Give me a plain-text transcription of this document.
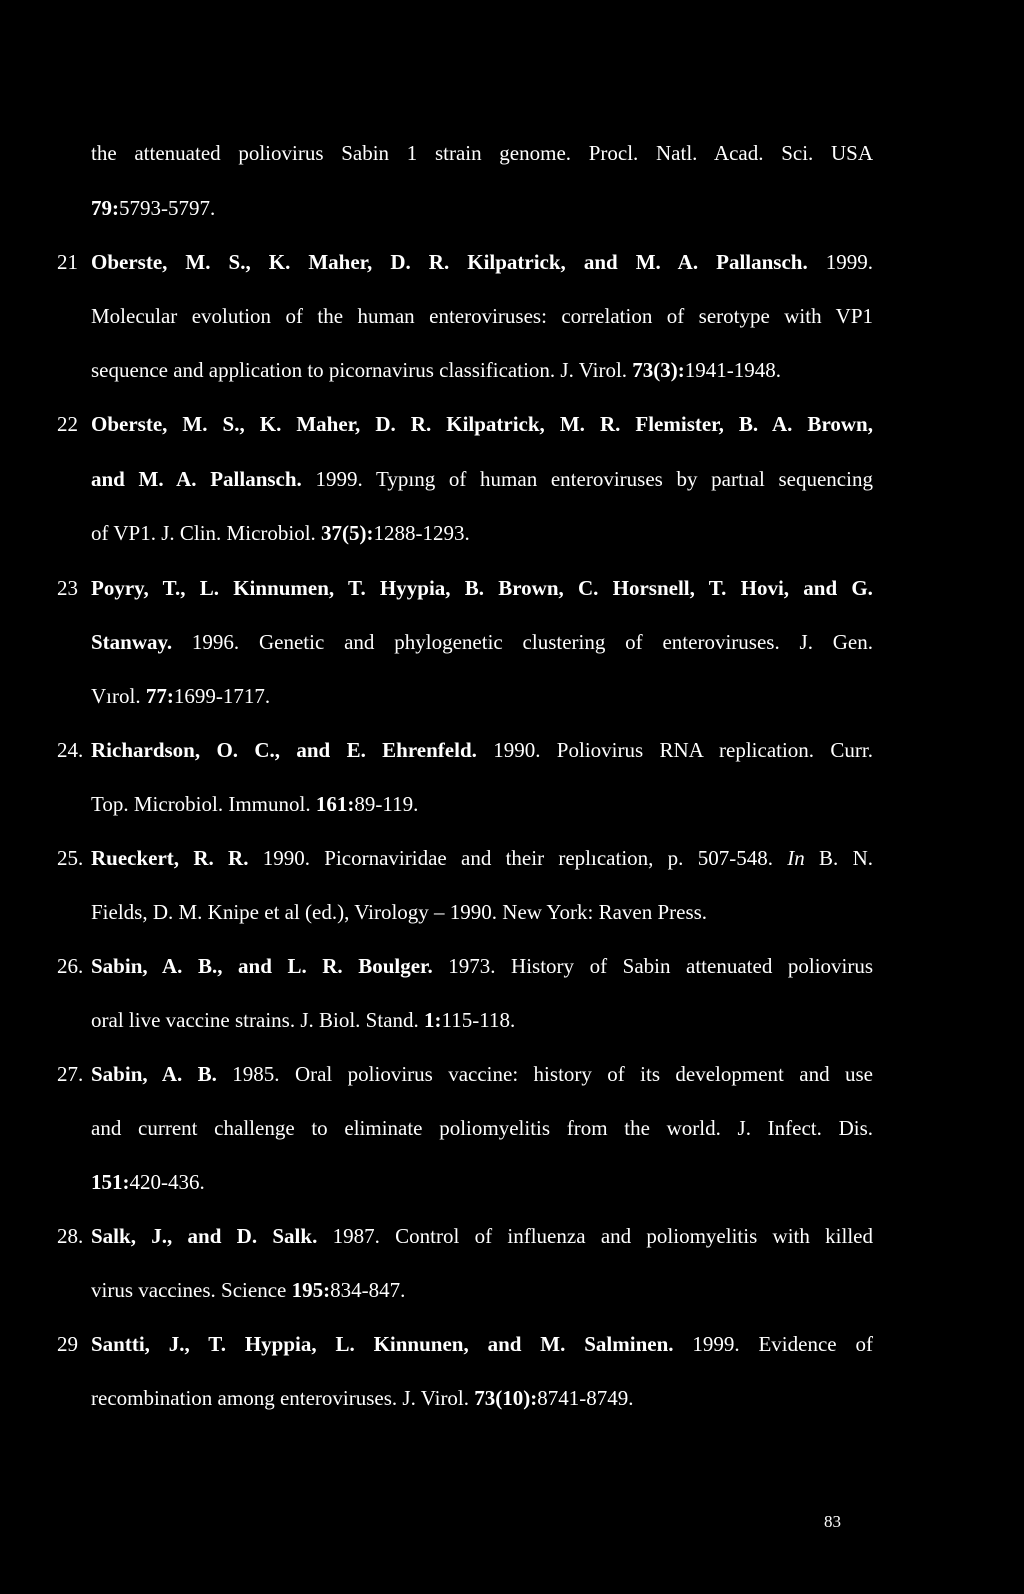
the attenuated poliovirus Sabin 1 strain genome. Procl. Natl. Acad. Sci. USA
79:5793-5797.
21 Oberste, M. S., K. Maher, D. R. Kilpatrick, and M. A. Pallansch. 1999.
Molecular evolution of the human enteroviruses: correlation of serotype with VP1
sequence and application to picornavirus classification. J. Virol. 73(3):1941-1948.
22 Oberste, M. S., K. Maher, D. R. Kilpatrick, M. R. Flemister, B. A. Brown,
and M. A. Pallansch. 1999. Typıng of human enteroviruses by partıal sequencing
of VP1. J. Clin. Microbiol. 37(5):1288-1293.
23 Poyry, T., L. Kinnumen, T. Hyypia, B. Brown, C. Horsnell, T. Hovi, and G.
Stanway. 1996. Genetic and phylogenetic clustering of enteroviruses. J. Gen.
Vırol. 77:1699-1717.
24. Richardson, O. C., and E. Ehrenfeld. 1990. Poliovirus RNA replication. Curr.
Top. Microbiol. Immunol. 161:89-119.
25. Rueckert, R. R. 1990. Picornaviridae and their replıcation, p. 507-548. In B. N.
Fields, D. M. Knipe et al (ed.), Virology – 1990. New York: Raven Press.
26. Sabin, A. B., and L. R. Boulger. 1973. History of Sabin attenuated poliovirus
oral live vaccine strains. J. Biol. Stand. 1:115-118.
27. Sabin, A. B. 1985. Oral poliovirus vaccine: history of its development and use
and current challenge to eliminate poliomyelitis from the world. J. Infect. Dis.
151:420-436.
28. Salk, J., and D. Salk. 1987. Control of influenza and poliomyelitis with killed
virus vaccines. Science 195:834-847.
29 Santti, J., T. Hyppia, L. Kinnunen, and M. Salminen. 1999. Evidence of
recombination among enteroviruses. J. Virol. 73(10):8741-8749.
83
